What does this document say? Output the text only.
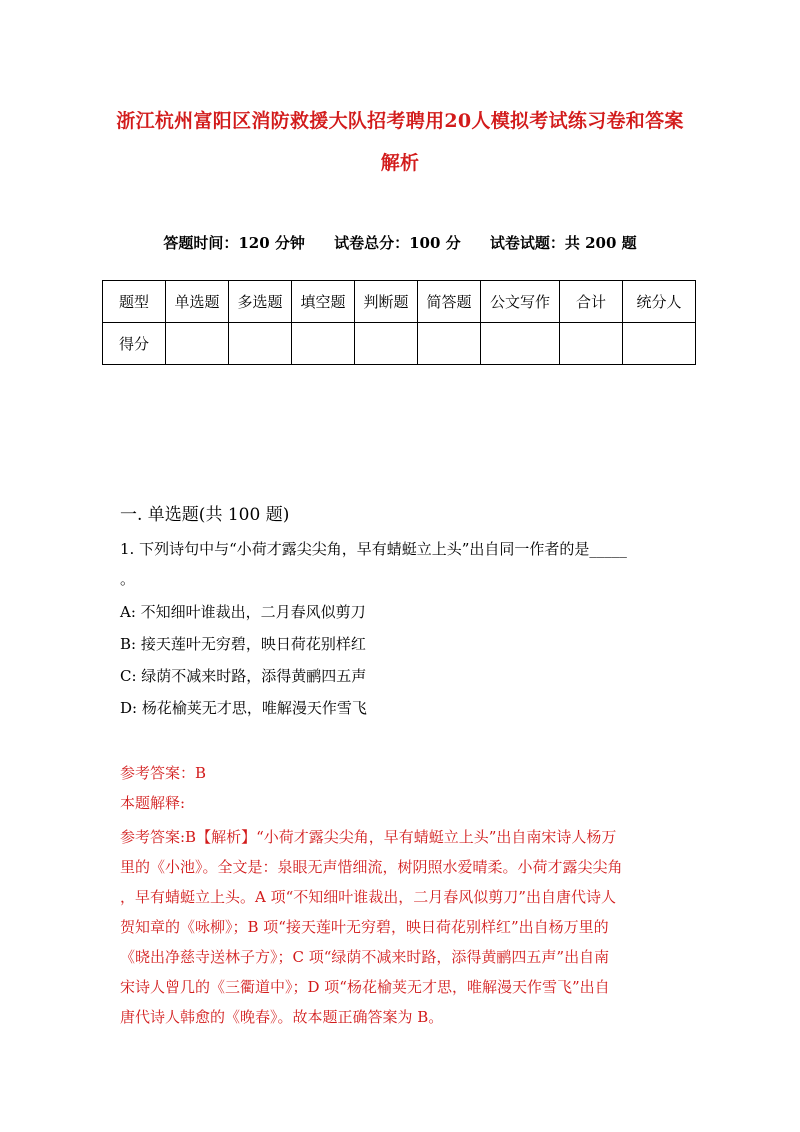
浙江杭州富阳区消防救援大队招考聘用20人模拟考试练习卷和答案
解析
答题时间：120 分钟 试卷总分：100 分 试卷试题：共 200 题
题型	单选题	多选题	填空题	判断题	简答题	公文写作	合计	统分人
得分								
一. 单选题(共 100 题)
1. 下列诗句中与“小荷才露尖尖角，早有蜻蜓立上头”出自同一作者的是_____
。
A: 不知细叶谁裁出，二月春风似剪刀
B: 接天莲叶无穷碧，映日荷花别样红
C: 绿荫不减来时路，添得黄鹂四五声
D: 杨花榆荚无才思，唯解漫天作雪飞
参考答案：B
本题解释:

参考答案:B【解析】“小荷才露尖尖角，早有蜻蜓立上头”出自南宋诗人杨万

里的《小池》。全文是：泉眼无声惜细流，树阴照水爱晴柔。小荷才露尖尖角

，早有蜻蜓立上头。A 项“不知细叶谁裁出，二月春风似剪刀”出自唐代诗人

贺知章的《咏柳》；B 项“接天莲叶无穷碧，映日荷花别样红”出自杨万里的

《晓出净慈寺送林子方》；C 项“绿荫不减来时路，添得黄鹂四五声”出自南

宋诗人曾几的《三衢道中》；D 项“杨花榆荚无才思，唯解漫天作雪飞”出自

唐代诗人韩愈的《晚春》。故本题正确答案为 B。
